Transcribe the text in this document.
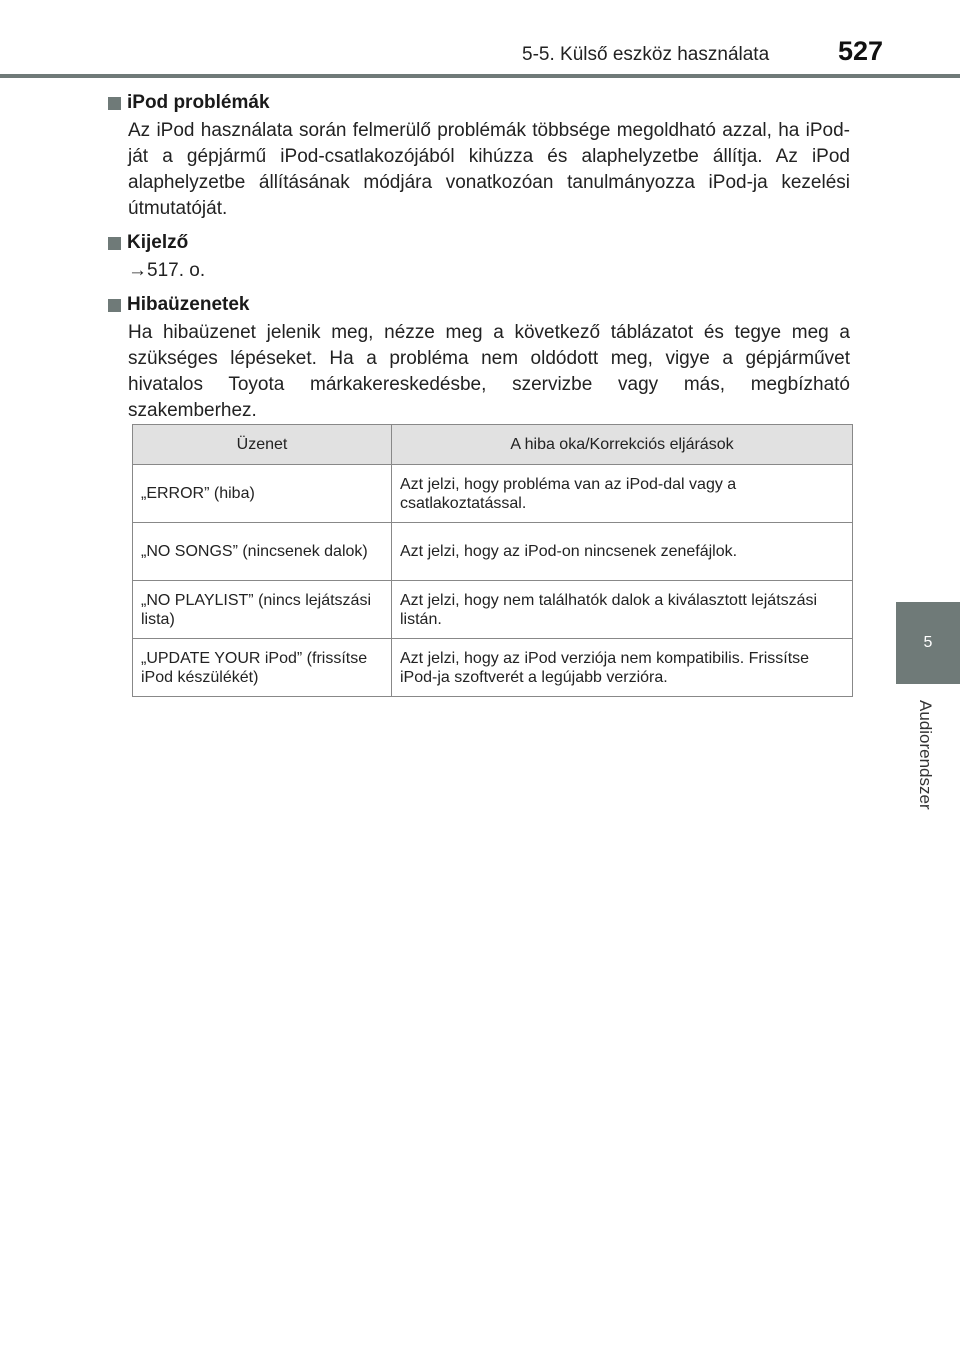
5-5. Külső eszköz használata	527
5
Audiorendszer
iPod problémák
Az iPod használata során felmerülő problémák többsége megoldható azzal, ha iPod-ját a gépjármű iPod-csatlakozójából kihúzza és alaphelyzetbe állítja. Az iPod alaphelyzetbe állításának módjára vonatkozóan tanulmányozza iPod-ja kezelési útmutatóját.
Kijelző
→517. o.
Hibaüzenetek
Ha hibaüzenet jelenik meg, nézze meg a következő táblázatot és tegye meg a szükséges lépéseket. Ha a probléma nem oldódott meg, vigye a gépjárművet hivatalos Toyota márkakereskedésbe, szervizbe vagy más, megbízható szakemberhez.
Üzenet	A hiba oka/Korrekciós eljárások
„ERROR” (hiba)	Azt jelzi, hogy probléma van az iPod-dal vagy a csatlakoztatással.
„NO SONGS” (nincsenek dalok)	Azt jelzi, hogy az iPod-on nincsenek zenefájlok.
„NO PLAYLIST” (nincs lejátszási lista)	Azt jelzi, hogy nem találhatók dalok a kiválasztott lejátszási listán.
„UPDATE YOUR iPod” (frissítse iPod készülékét)	Azt jelzi, hogy az iPod verziója nem kompatibilis. Frissítse iPod-ja szoftverét a legújabb verzióra.
